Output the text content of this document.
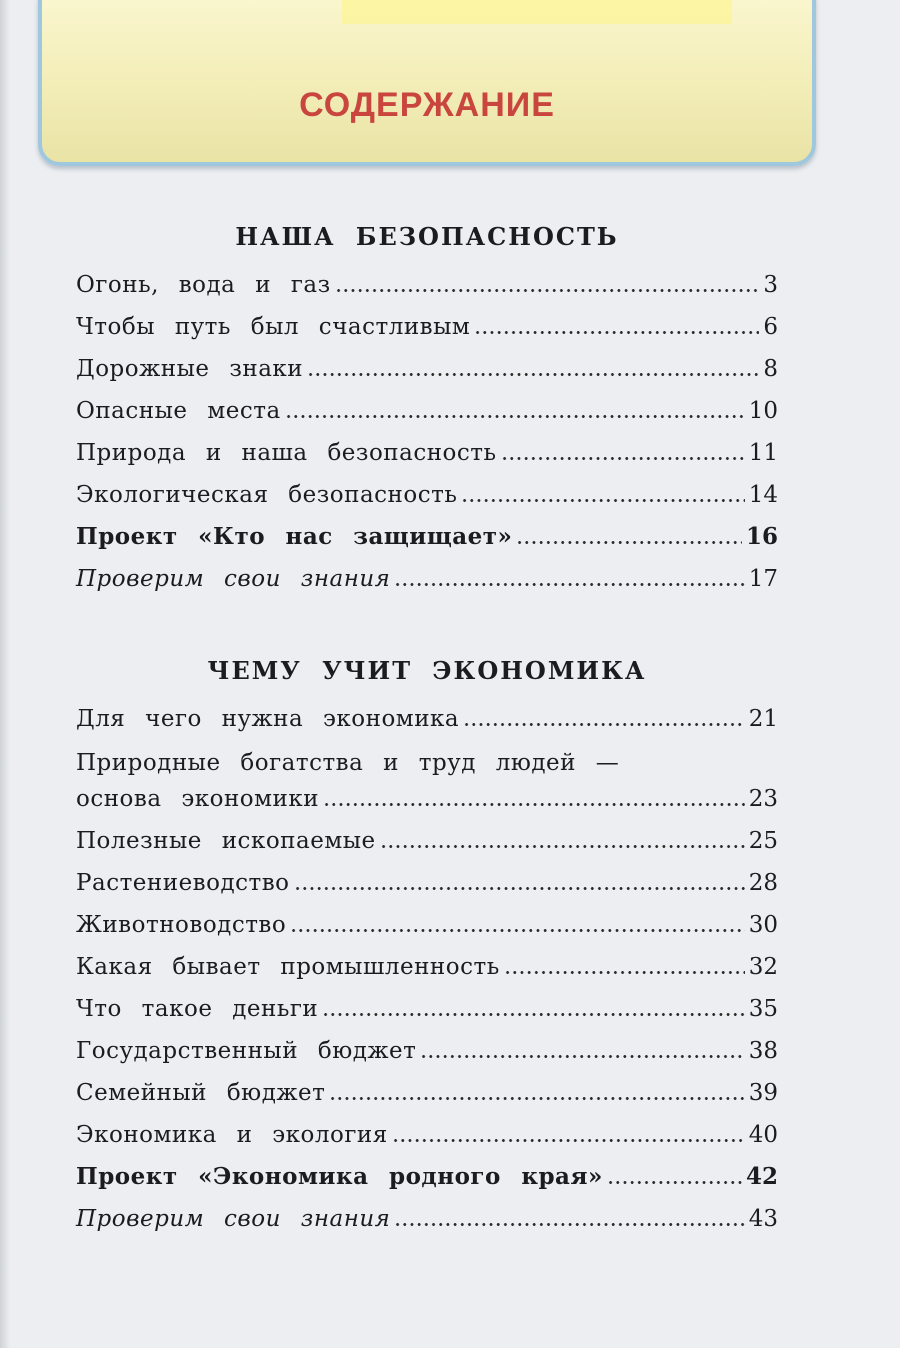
СОДЕРЖАНИЕ
НАША БЕЗОПАСНОСТЬ
Огонь, вода и газ	3
Чтобы путь был счастливым	6
Дорожные знаки	8
Опасные места	10
Природа и наша безопасность	11
Экологическая безопасность	14
Проект «Кто нас защищает»	16
Проверим свои знания	17
ЧЕМУ УЧИТ ЭКОНОМИКА
Для чего нужна экономика	21
Природные богатства и труд людей —
основа экономики	23
Полезные ископаемые	25
Растениеводство	28
Животноводство	30
Какая бывает промышленность	32
Что такое деньги	35
Государственный бюджет	38
Семейный бюджет	39
Экономика и экология	40
Проект «Экономика родного края»	42
Проверим свои знания	43
